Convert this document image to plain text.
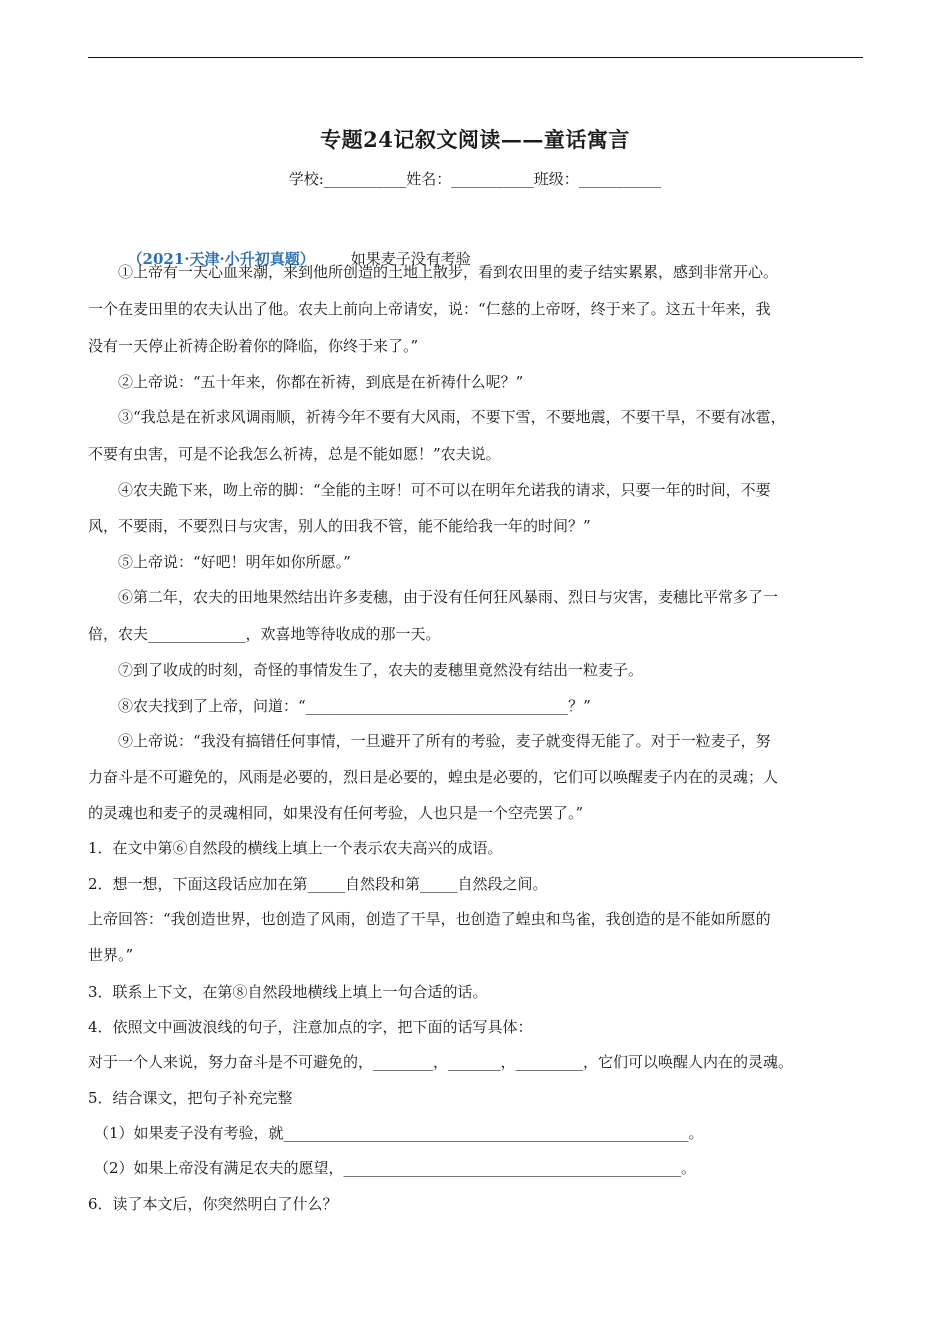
专题24记叙文阅读——童话寓言
学校:___________姓名：___________班级：___________

（2021·天津·小升初真题） 如果麦子没有考验

①上帝有一天心血来潮，来到他所创造的土地上散步，看到农田里的麦子结实累累，感到非常开心。
一个在麦田里的农夫认出了他。农夫上前向上帝请安，说：“仁慈的上帝呀，终于来了。这五十年来，我
没有一天停止祈祷企盼着你的降临，你终于来了。”
②上帝说：“五十年来，你都在祈祷，到底是在祈祷什么呢？”
③“我总是在祈求风调雨顺，祈祷今年不要有大风雨，不要下雪，不要地震，不要干旱，不要有冰雹，
不要有虫害，可是不论我怎么祈祷，总是不能如愿！”农夫说。
④农夫跪下来，吻上帝的脚：“全能的主呀！可不可以在明年允诺我的请求，只要一年的时间，不要
风，不要雨，不要烈日与灾害，别人的田我不管，能不能给我一年的时间？”
⑤上帝说：“好吧！明年如你所愿。”
⑥第二年，农夫的田地果然结出许多麦穗，由于没有任何狂风暴雨、烈日与灾害，麦穗比平常多了一
倍，农夫_____________，欢喜地等待收成的那一天。
⑦到了收成的时刻，奇怪的事情发生了，农夫的麦穗里竟然没有结出一粒麦子。
⑧农夫找到了上帝，问道：“___________________________________？”
⑨上帝说：“我没有搞错任何事情，一旦避开了所有的考验，麦子就变得无能了。对于一粒麦子，努
力奋斗是不可避免的，风雨是必要的，烈日是必要的，蝗虫是必要的，它们可以唤醒麦子内在的灵魂；人
的灵魂也和麦子的灵魂相同，如果没有任何考验，人也只是一个空壳罢了。”
1．在文中第⑥自然段的横线上填上一个表示农夫高兴的成语。
2．想一想，下面这段话应加在第_____自然段和第_____自然段之间。
上帝回答：“我创造世界，也创造了风雨，创造了干旱，也创造了蝗虫和鸟雀，我创造的是不能如所愿的
世界。”
3．联系上下文，在第⑧自然段地横线上填上一句合适的话。
4．依照文中画波浪线的句子，注意加点的字，把下面的话写具体：
对于一个人来说，努力奋斗是不可避免的，________，_______，_________，它们可以唤醒人内在的灵魂。
5．结合课文，把句子补充完整
（1）如果麦子没有考验，就______________________________________________________。
（2）如果上帝没有满足农夫的愿望，_____________________________________________。
6．读了本文后，你突然明白了什么？
